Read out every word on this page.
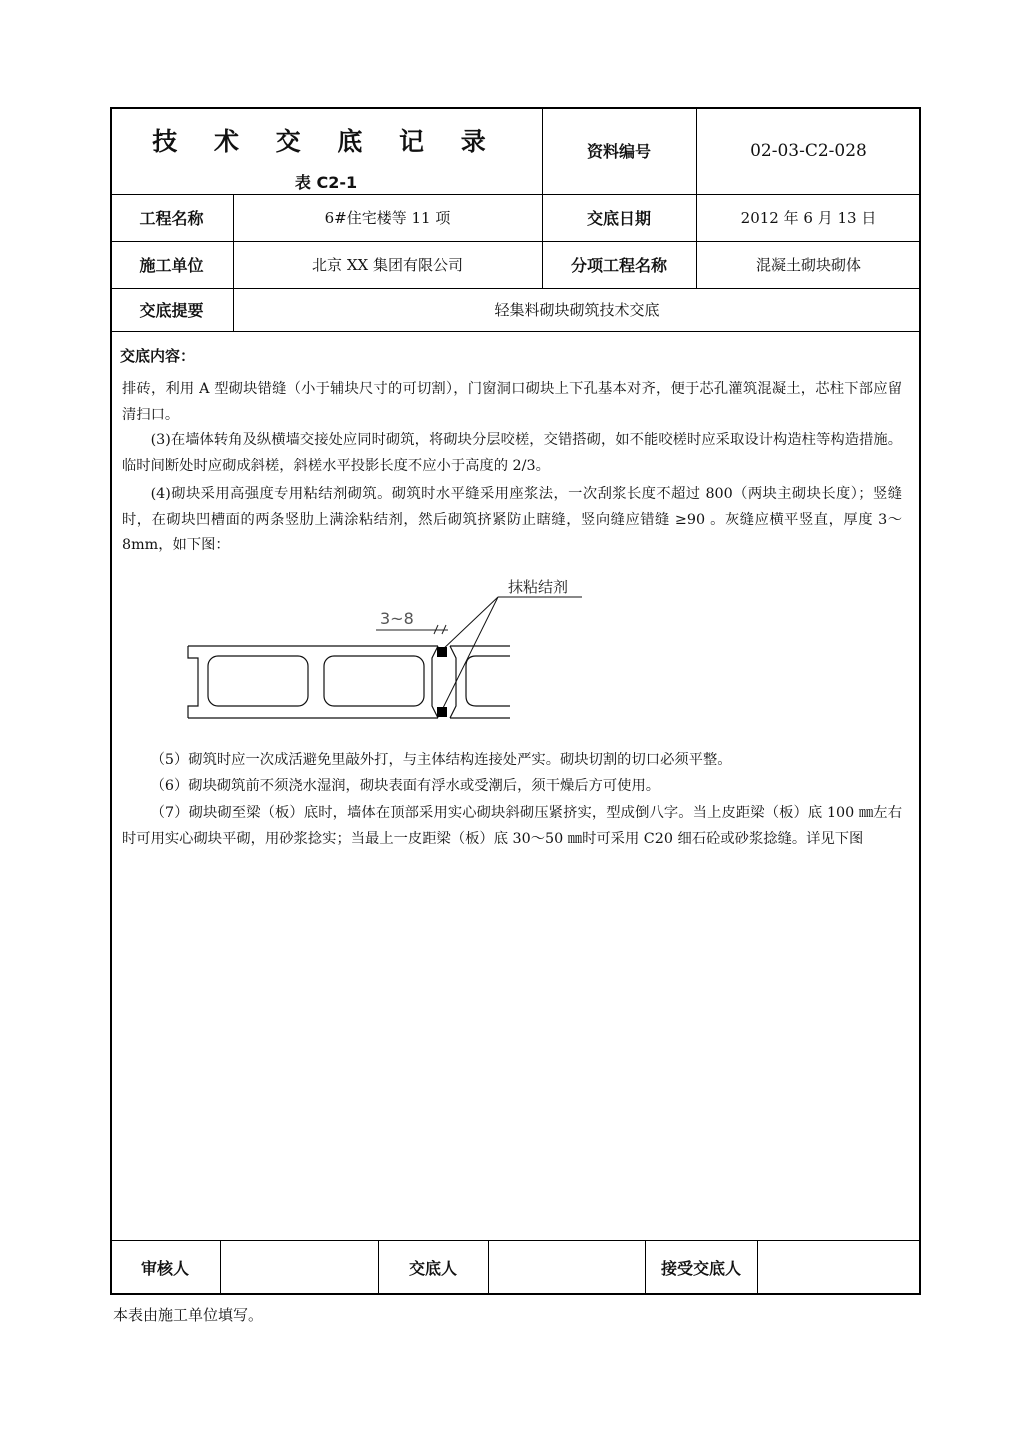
技 术 交 底 记 录
表 C2-1
资料编号	02-03-C2-028
工程名称	6#住宅楼等 11 项	交底日期	2012 年 6 月 13 日
施工单位	北京 XX 集团有限公司	分项工程名称	混凝土砌块砌体
交底提要	轻集料砌块砌筑技术交底
交底内容：
排砖，利用 A 型砌块错缝（小于辅块尺寸的可切割），门窗洞口砌块上下孔基本对齐，便于芯孔灌筑混凝土，芯柱下部应留清扫口。
(3)在墙体转角及纵横墙交接处应同时砌筑，将砌块分层咬槎，交错搭砌，如不能咬槎时应采取设计构造柱等构造措施。临时间断处时应砌成斜槎，斜槎水平投影长度不应小于高度的 2/3。
(4)砌块采用高强度专用粘结剂砌筑。砌筑时水平缝采用座浆法，一次刮浆长度不超过 800（两块主砌块长度）；竖缝时，在砌块凹槽面的两条竖肋上满涂粘结剂，然后砌筑挤紧防止瞎缝，竖向缝应错缝 ≥90 。灰缝应横平竖直，厚度 3～8mm，如下图：
抹粘结剂
3~8
（5）砌筑时应一次成活避免里敲外打，与主体结构连接处严实。砌块切割的切口必须平整。
（6）砌块砌筑前不须浇水湿润，砌块表面有浮水或受潮后，须干燥后方可使用。
（7）砌块砌至梁（板）底时，墙体在顶部采用实心砌块斜砌压紧挤实，型成倒八字。当上皮距梁（板）底 100 ㎜左右时可用实心砌块平砌，用砂浆捻实；当最上一皮距梁（板）底 30～50 ㎜时可采用 C20 细石砼或砂浆捻缝。详见下图
审核人	交底人	接受交底人
本表由施工单位填写。
